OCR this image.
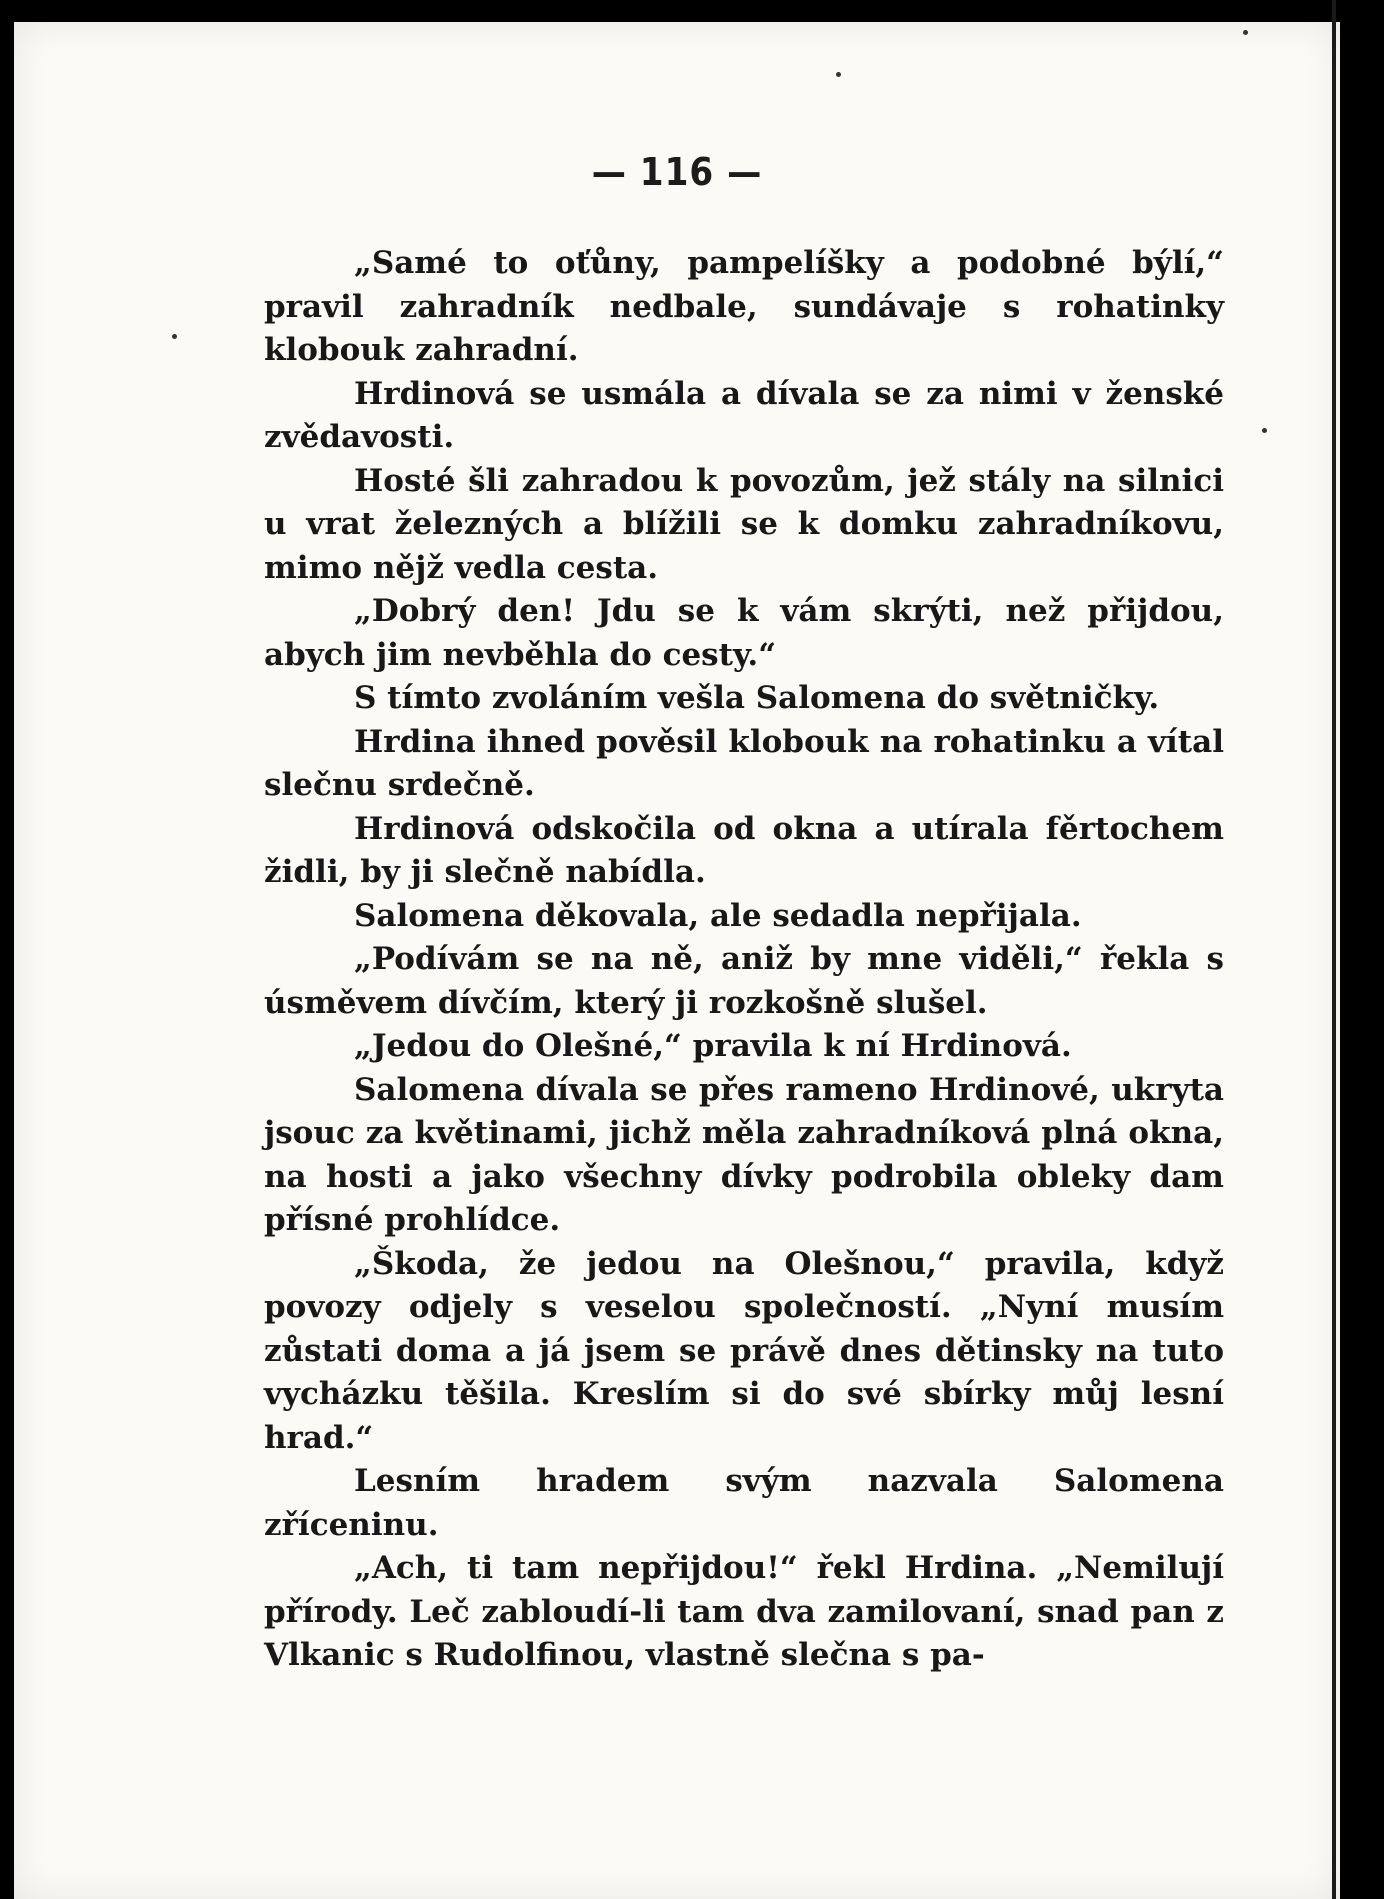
— 116 —

„Samé to oťůny, pampelíšky a podobné býlí,“ pravil zahradník nedbale, sundávaje s rohatinky klobouk zahradní.

Hrdinová se usmála a dívala se za nimi v ženské zvědavosti.

Hosté šli zahradou k povozům, jež stály na silnici u vrat železných a blížili se k domku zahradníkovu, mimo nějž vedla cesta.

„Dobrý den! Jdu se k vám skrýti, než přijdou, abych jim nevběhla do cesty.“

S tímto zvoláním vešla Salomena do světničky.

Hrdina ihned pověsil klobouk na rohatinku a vítal slečnu srdečně.

Hrdinová odskočila od okna a utírala fěrtochem židli, by ji slečně nabídla.

Salomena děkovala, ale sedadla nepřijala.

„Podívám se na ně, aniž by mne viděli,“ řekla s úsměvem dívčím, který ji rozkošně slušel.

„Jedou do Olešné,“ pravila k ní Hrdinová.

Salomena dívala se přes rameno Hrdinové, ukryta jsouc za květinami, jichž měla zahradníková plná okna, na hosti a jako všechny dívky podrobila obleky dam přísné prohlídce.

„Škoda, že jedou na Olešnou,“ pravila, když povozy odjely s veselou společností. „Nyní musím zůstati doma a já jsem se právě dnes dětinsky na tuto vycházku těšila. Kreslím si do své sbírky můj lesní hrad.“

Lesním hradem svým nazvala Salomena zříceninu.

„Ach, ti tam nepřijdou!“ řekl Hrdina. „Nemilují přírody. Leč zabloudí-li tam dva zamilovaní, snad pan z Vlkanic s Rudolfinou, vlastně slečna s pa-
